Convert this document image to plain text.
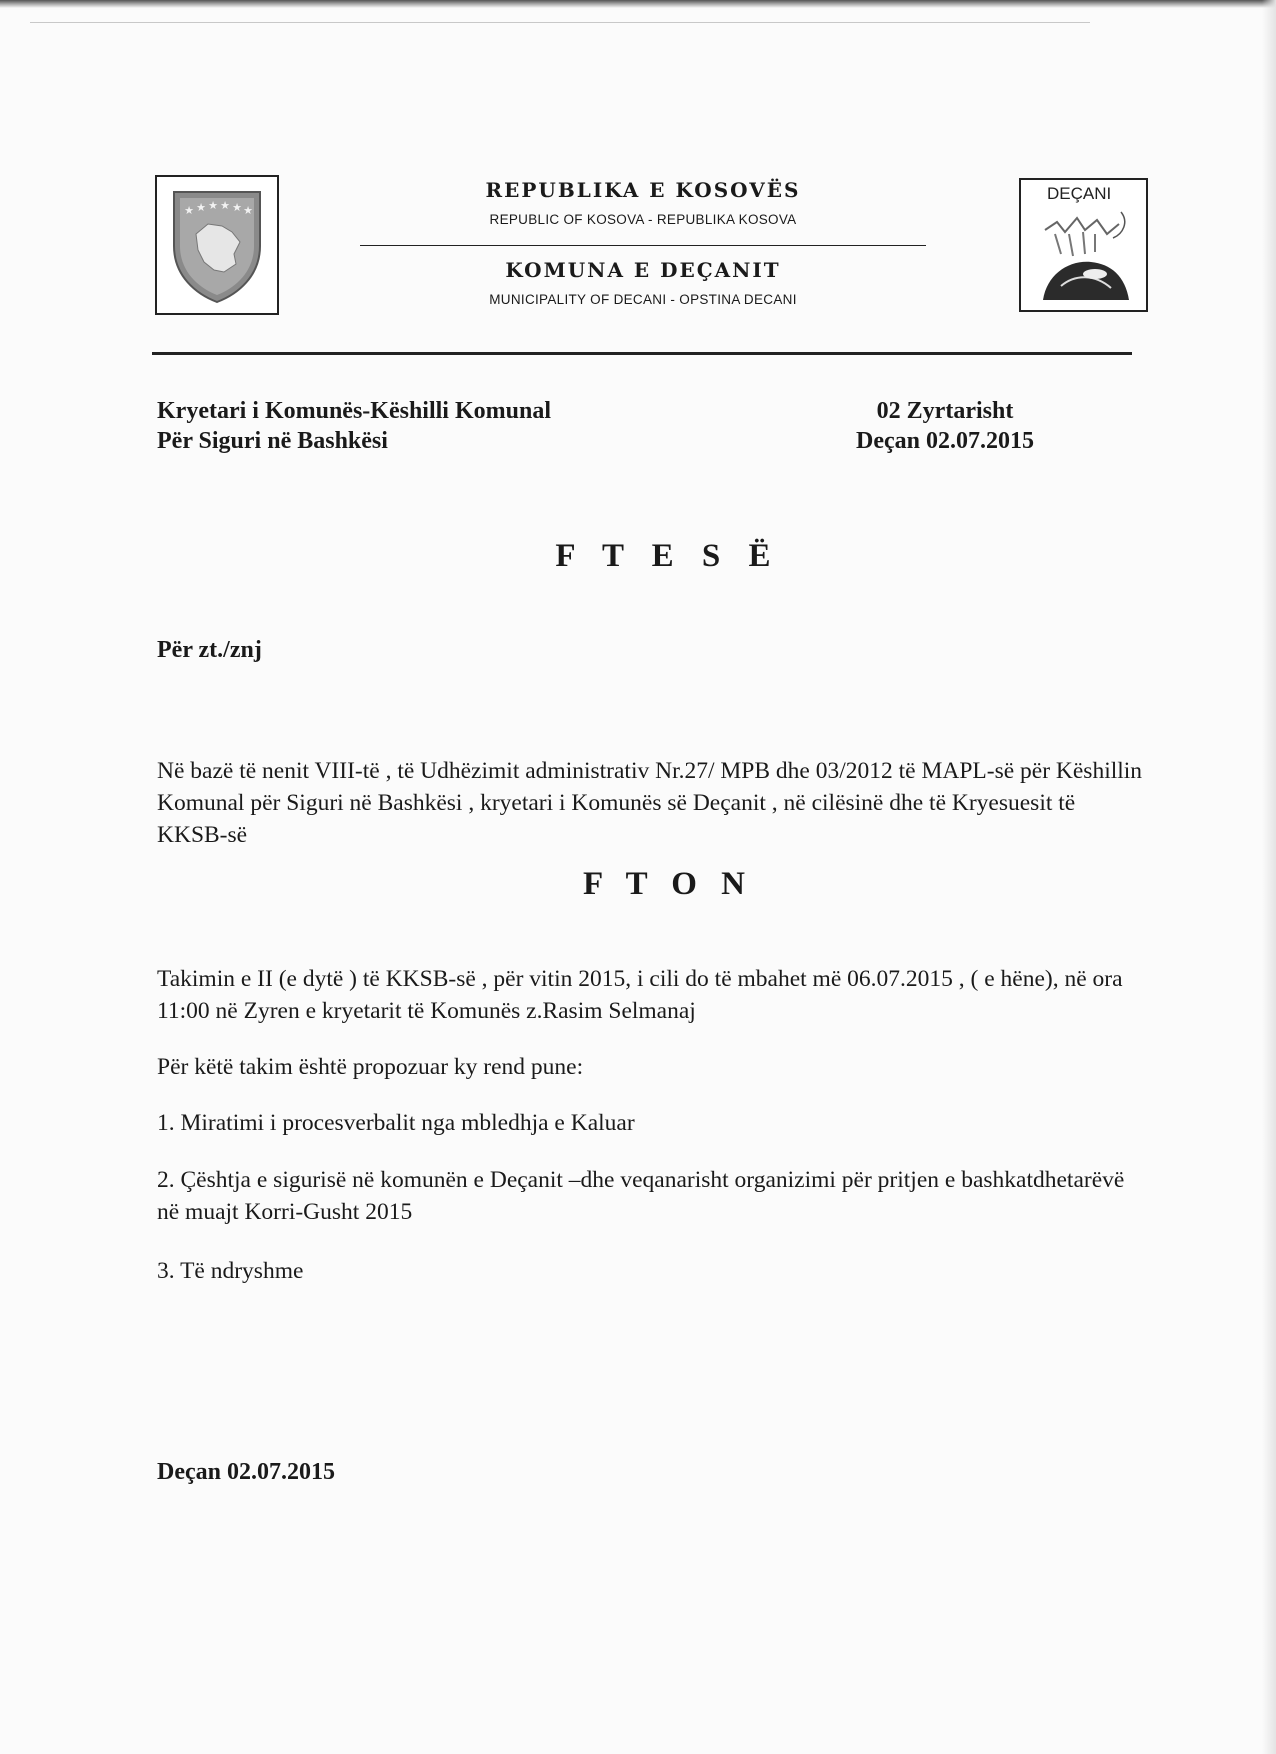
★ ★ ★ ★ ★ ★

REPUBLIKA E KOSOVËS

REPUBLIC OF KOSOVA - REPUBLIKA KOSOVA

KOMUNA E DEÇANIT

MUNICIPALITY OF DECANI - OPSTINA DECANI

DEÇANI
Kryetari i Komunës-Këshilli Komunal
Për Siguri në Bashkësi
02 Zyrtarisht
Deçan 02.07.2015
F T E S Ë
Për zt./znj

Në bazë të nenit VIII-të , të Udhëzimit administrativ Nr.27/ MPB dhe 03/2012 të MAPL-së për Këshillin Komunal për Siguri në Bashkësi , kryetari i Komunës së Deçanit , në cilësinë dhe të Kryesuesit të KKSB-së

F T O N

Takimin e II (e dytë ) të KKSB-së , për vitin 2015, i cili do të mbahet më 06.07.2015 , ( e hëne), në ora 11:00 në Zyren e kryetarit të Komunës z.Rasim Selmanaj

Për këtë takim është propozuar ky rend pune:

1. Miratimi i procesverbalit nga mbledhja e Kaluar

2. Çështja e sigurisë në komunën e Deçanit –dhe veqanarisht organizimi për pritjen e bashkatdhetarëvë në muajt Korri-Gusht 2015

3. Të ndryshme

Deçan 02.07.2015
